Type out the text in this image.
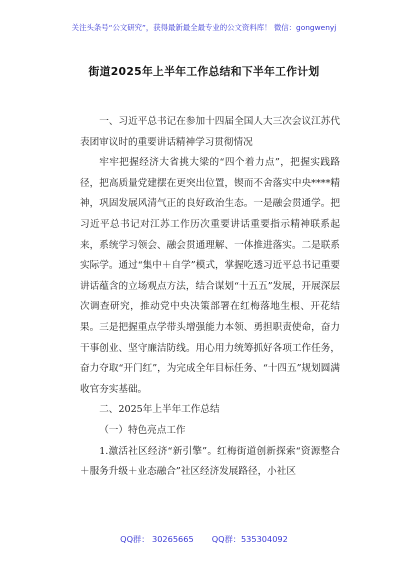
关注头条号“公文研究”，获得最新最全最专业的公文资料库！ 微信：gongwenyj
街道2025年上半年工作总结和下半年工作计划

一、习近平总书记在参加十四届全国人大三次会议江苏代表团审议时的重要讲话精神学习贯彻情况

牢牢把握经济大省挑大梁的“四个着力点”，把握实践路径，把高质量党建摆在更突出位置，锲而不舍落实中央****精神，巩固发展风清气正的良好政治生态。一是融会贯通学。把习近平总书记对江苏工作历次重要讲话重要指示精神联系起来，系统学习领会、融会贯通理解、一体推进落实。二是联系实际学。通过“集中＋自学”模式，掌握吃透习近平总书记重要讲话蕴含的立场观点方法，结合谋划“十五五”发展，开展深层次调查研究，推动党中央决策部署在红梅落地生根、开花结果。三是把握重点学带头增强能力本领、勇担职责使命，奋力干事创业、坚守廉洁防线。用心用力统筹抓好各项工作任务，奋力夺取“开门红”，为完成全年目标任务、“十四五”规划圆满收官夯实基础。

二、2025年上半年工作总结

（一）特色亮点工作

1.激活社区经济“新引擎”。红梅街道创新探索“资源整合＋服务升级＋业态融合”社区经济发展路径，小社区

QQ群： 30265665 QQ群：535304092
